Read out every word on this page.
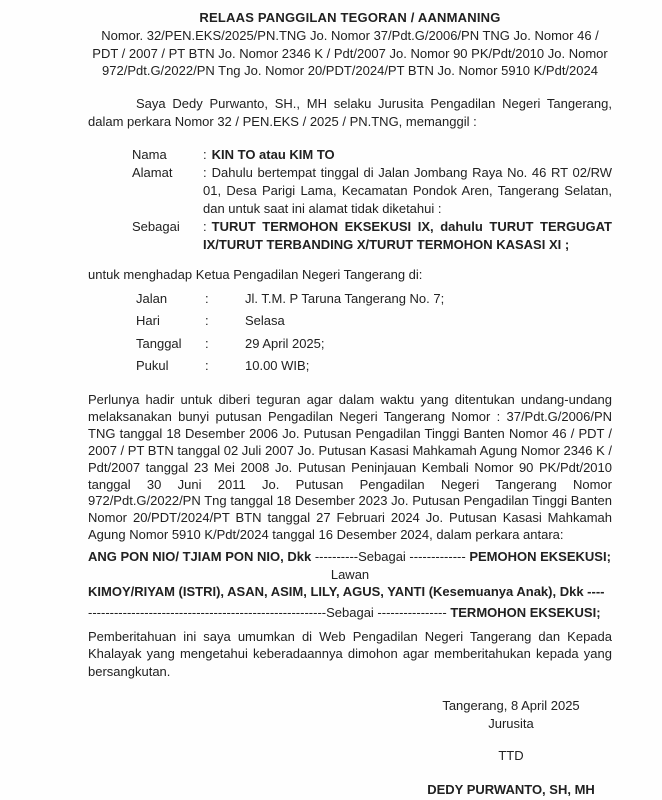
RELAAS PANGGILAN TEGORAN / AANMANING
Nomor. 32/PEN.EKS/2025/PN.TNG Jo. Nomor 37/Pdt.G/2006/PN TNG Jo. Nomor 46 /
PDT / 2007 / PT BTN Jo. Nomor 2346 K / Pdt/2007 Jo. Nomor 90 PK/Pdt/2010 Jo. Nomor
972/Pdt.G/2022/PN Tng Jo. Nomor 20/PDT/2024/PT BTN Jo. Nomor 5910 K/Pdt/2024

Saya Dedy Purwanto, SH., MH selaku Jurusita Pengadilan Negeri Tangerang, dalam perkara Nomor 32 / PEN.EKS / 2025 / PN.TNG, memanggil :

Nama	: KIN TO atau KIM TO
Alamat	: Dahulu bertempat tinggal di Jalan Jombang Raya No. 46 RT 02/RW 01, Desa Parigi Lama, Kecamatan Pondok Aren, Tangerang Selatan, dan untuk saat ini alamat tidak diketahui :
Sebagai	: TURUT TERMOHON EKSEKUSI IX, dahulu TURUT TERGUGAT IX/TURUT TERBANDING X/TURUT TERMOHON KASASI XI ;

untuk menghadap Ketua Pengadilan Negeri Tangerang di:

Jalan	:	Jl. T.M. P Taruna Tangerang No. 7;
Hari	:	Selasa
Tanggal	:	29 April 2025;
Pukul	:	10.00 WIB;

Perlunya hadir untuk diberi teguran agar dalam waktu yang ditentukan undang-undang melaksanakan bunyi putusan Pengadilan Negeri Tangerang Nomor : 37/Pdt.G/2006/PN TNG tanggal 18 Desember 2006 Jo. Putusan Pengadilan Tinggi Banten Nomor 46 / PDT / 2007 / PT BTN tanggal 02 Juli 2007 Jo. Putusan Kasasi Mahkamah Agung Nomor 2346 K / Pdt/2007 tanggal 23 Mei 2008 Jo. Putusan Peninjauan Kembali Nomor 90 PK/Pdt/2010 tanggal 30 Juni 2011 Jo. Putusan Pengadilan Negeri Tangerang Nomor 972/Pdt.G/2022/PN Tng tanggal 18 Desember 2023 Jo. Putusan Pengadilan Tinggi Banten Nomor 20/PDT/2024/PT BTN tanggal 27 Februari 2024 Jo. Putusan Kasasi Mahkamah Agung Nomor 5910 K/Pdt/2024 tanggal 16 Desember 2024, dalam perkara antara:

ANG PON NIO/ TJIAM PON NIO, Dkk ----------Sebagai ------------- PEMOHON EKSEKUSI;
Lawan
KIMOY/RIYAM (ISTRI), ASAN, ASIM, LILY, AGUS, YANTI (Kesemuanya Anak), Dkk ----
-------------------------------------------------------Sebagai ---------------- TERMOHON EKSEKUSI;

Pemberitahuan ini saya umumkan di Web Pengadilan Negeri Tangerang dan Kepada Khalayak yang mengetahui keberadaannya dimohon agar memberitahukan kepada yang bersangkutan.

Tangerang, 8 April 2025
Jurusita
TTD
DEDY PURWANTO, SH, MH
